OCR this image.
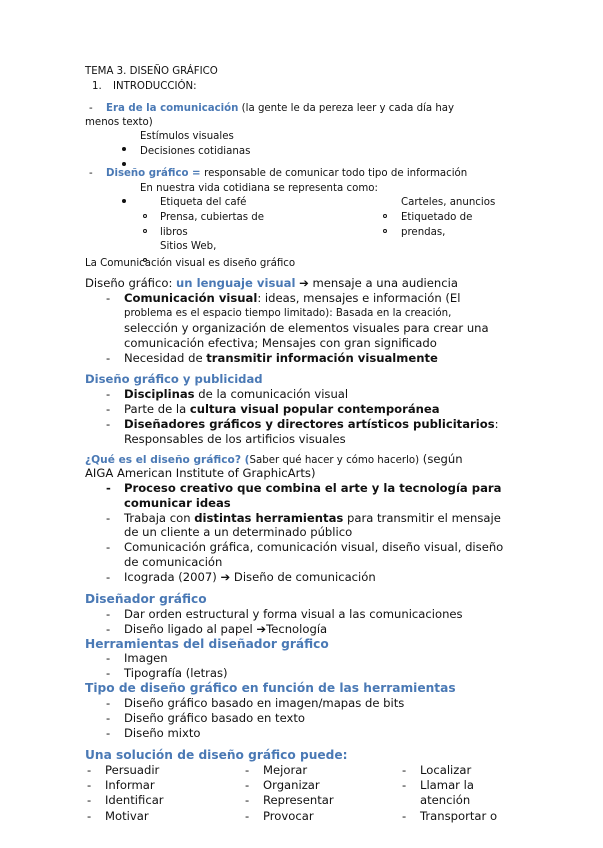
TEMA 3. DISEÑO GRÁFICO
1. INTRODUCCIÓN:
- Era de la comunicación (la gente le da pereza leer y cada día hay
menos texto)
Estímulos visuales
Decisiones cotidianas
- Diseño gráfico = responsable de comunicar todo tipo de información
En nuestra vida cotidiana se representa como:
Etiqueta del café
Prensa, cubiertas de
libros
Sitios Web,
Carteles, anuncios
Etiquetado de
prendas,
La Comunicación visual es diseño gráfico
Diseño gráfico: un lenguaje visual ➔ mensaje a una audiencia
- Comunicación visual: ideas, mensajes e información (El
problema es el espacio tiempo limitado): Basada en la creación,
selección y organización de elementos visuales para crear una
comunicación efectiva; Mensajes con gran significado
- Necesidad de transmitir información visualmente
Diseño gráfico y publicidad
- Disciplinas de la comunicación visual
- Parte de la cultura visual popular contemporánea
- Diseñadores gráficos y directores artísticos publicitarios:
Responsables de los artificios visuales
¿Qué es el diseño gráfico? (Saber qué hacer y cómo hacerlo) (según
AIGA American Institute of GraphicArts)
- Proceso creativo que combina el arte y la tecnología para
comunicar ideas
- Trabaja con distintas herramientas para transmitir el mensaje
de un cliente a un determinado público
- Comunicación gráfica, comunicación visual, diseño visual, diseño
de comunicación
- Icograda (2007) ➔ Diseño de comunicación
Diseñador gráfico
- Dar orden estructural y forma visual a las comunicaciones
- Diseño ligado al papel ➔Tecnología
Herramientas del diseñador gráfico
- Imagen
- Tipografía (letras)
Tipo de diseño gráfico en función de las herramientas
- Diseño gráfico basado en imagen/mapas de bits
- Diseño gráfico basado en texto
- Diseño mixto
Una solución de diseño gráfico puede:
- Persuadir
- Informar
- Identificar
- Motivar
- Mejorar
- Organizar
- Representar
- Provocar
- Localizar
- Llamar la
atención
- Transportar o
